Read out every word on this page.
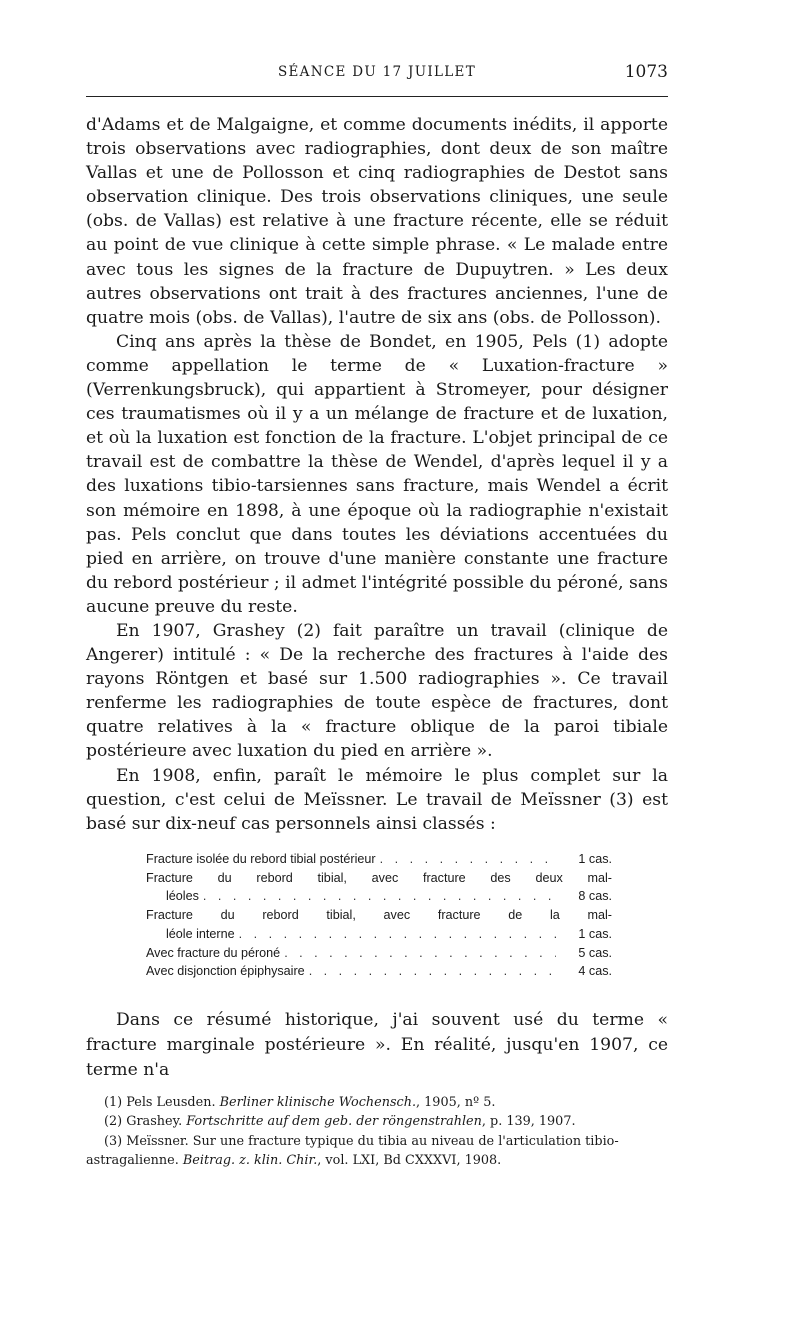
SÉANCE DU 17 JUILLET	1073

d'Adams et de Malgaigne, et comme documents inédits, il apporte trois observations avec radiographies, dont deux de son maître Vallas et une de Pollosson et cinq radiographies de Destot sans observation clinique. Des trois observations cliniques, une seule (obs. de Vallas) est relative à une fracture récente, elle se réduit au point de vue clinique à cette simple phrase. « Le malade entre avec tous les signes de la fracture de Dupuytren. » Les deux autres observations ont trait à des fractures anciennes, l'une de quatre mois (obs. de Vallas), l'autre de six ans (obs. de Pollosson).

Cinq ans après la thèse de Bondet, en 1905, Pels (1) adopte comme appellation le terme de « Luxation-fracture » (Verrenkungsbruck), qui appartient à Stromeyer, pour désigner ces traumatismes où il y a un mélange de fracture et de luxation, et où la luxation est fonction de la fracture. L'objet principal de ce travail est de combattre la thèse de Wendel, d'après lequel il y a des luxations tibio-tarsiennes sans fracture, mais Wendel a écrit son mémoire en 1898, à une époque où la radiographie n'existait pas. Pels conclut que dans toutes les déviations accentuées du pied en arrière, on trouve d'une manière constante une fracture du rebord postérieur ; il admet l'intégrité possible du péroné, sans aucune preuve du reste.

En 1907, Grashey (2) fait paraître un travail (clinique de Angerer) intitulé : « De la recherche des fractures à l'aide des rayons Röntgen et basé sur 1.500 radiographies ». Ce travail renferme les radiographies de toute espèce de fractures, dont quatre relatives à la « fracture oblique de la paroi tibiale postérieure avec luxation du pied en arrière ».

En 1908, enfin, paraît le mémoire le plus complet sur la question, c'est celui de Meïssner. Le travail de Meïssner (3) est basé sur dix-neuf cas personnels ainsi classés :

Fracture isolée du rebord tibial postérieur . . .	1 cas.
Fracture du rebord tibial, avec fracture des deux mal-
léoles . . .	8 cas.
Fracture du rebord tibial, avec fracture de la mal-
léole interne . . .	1 cas.
Avec fracture du péroné . . .	5 cas.
Avec disjonction épiphysaire . . .	4 cas.

Dans ce résumé historique, j'ai souvent usé du terme « fracture marginale postérieure ». En réalité, jusqu'en 1907, ce terme n'a

(1) Pels Leusden. Berliner klinische Wochensch., 1905, nº 5.
(2) Grashey. Fortschritte auf dem geb. der röngenstrahlen, p. 139, 1907.
(3) Meïssner. Sur une fracture typique du tibia au niveau de l'articulation tibio-astragalienne. Beitrag. z. klin. Chir., vol. LXI, Bd CXXXVI, 1908.
